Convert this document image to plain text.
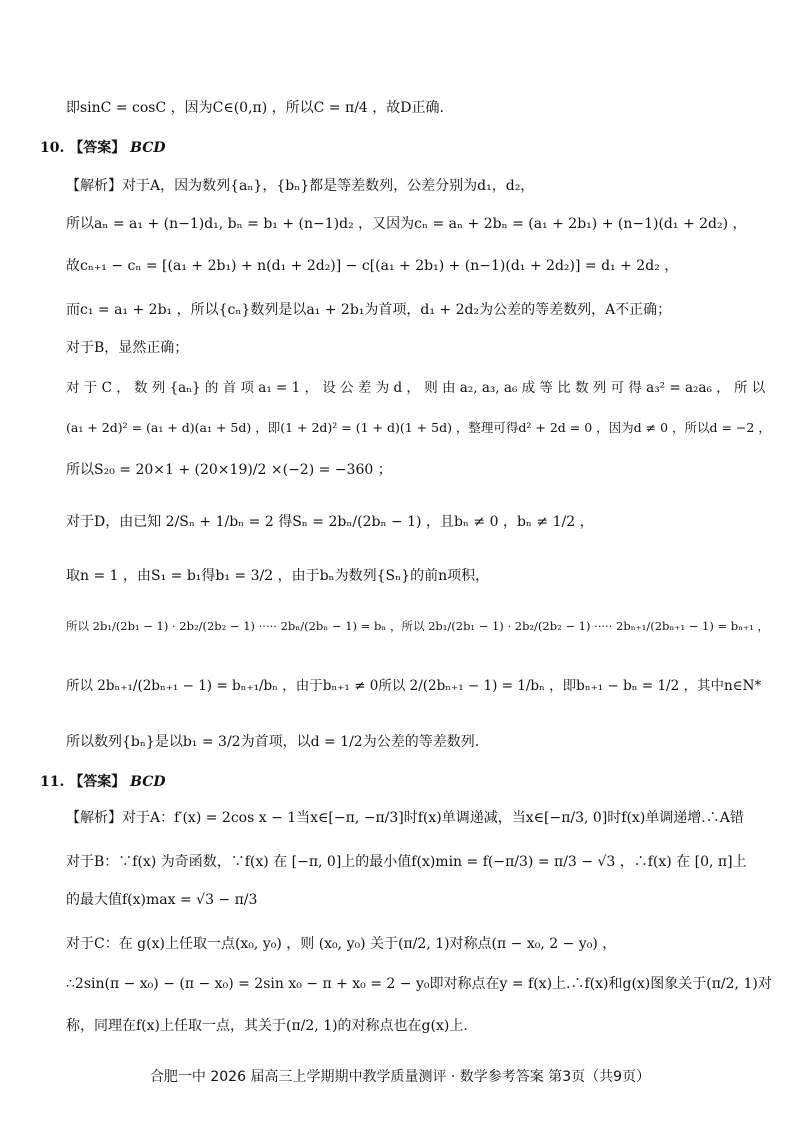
即sinC = cosC ，因为C∈(0,π) ，所以C = π/4 ，故D正确.
10. 【答案】 BCD
【解析】对于A，因为数列{aₙ}，{bₙ}都是等差数列，公差分别为d₁，d₂，
所以aₙ = a₁ + (n−1)d₁, bₙ = b₁ + (n−1)d₂ ，又因为cₙ = aₙ + 2bₙ = (a₁ + 2b₁) + (n−1)(d₁ + 2d₂) ，
故cₙ₊₁ − cₙ = [(a₁ + 2b₁) + n(d₁ + 2d₂)] − c[(a₁ + 2b₁) + (n−1)(d₁ + 2d₂)] = d₁ + 2d₂ ，
而c₁ = a₁ + 2b₁ ，所以{cₙ}数列是以a₁ + 2b₁为首项，d₁ + 2d₂为公差的等差数列，A不正确；
对于B，显然正确；
对 于 C ， 数 列 {aₙ} 的 首 项 a₁ = 1 ， 设 公 差 为 d ， 则 由 a₂, a₃, a₆ 成 等 比 数 列 可 得 a₃² = a₂a₆ ， 所 以
(a₁ + 2d)² = (a₁ + d)(a₁ + 5d) ，即(1 + 2d)² = (1 + d)(1 + 5d) ，整理可得d² + 2d = 0 ，因为d ≠ 0 ，所以d = −2 ，
所以S₂₀ = 20×1 + (20×19)/2 ×(−2) = −360 ；
对于D，由已知 2/Sₙ + 1/bₙ = 2 得Sₙ = 2bₙ/(2bₙ − 1) ，且bₙ ≠ 0 ，bₙ ≠ 1/2 ，
取n = 1 ，由S₁ = b₁得b₁ = 3/2 ，由于bₙ为数列{Sₙ}的前n项积，
所以 2b₁/(2b₁ − 1) · 2b₂/(2b₂ − 1) ····· 2bₙ/(2bₙ − 1) = bₙ ，所以 2b₁/(2b₁ − 1) · 2b₂/(2b₂ − 1) ····· 2bₙ₊₁/(2bₙ₊₁ − 1) = bₙ₊₁ ，
所以 2bₙ₊₁/(2bₙ₊₁ − 1) = bₙ₊₁/bₙ ，由于bₙ₊₁ ≠ 0所以 2/(2bₙ₊₁ − 1) = 1/bₙ ，即bₙ₊₁ − bₙ = 1/2 ，其中n∈N*
所以数列{bₙ}是以b₁ = 3/2为首项，以d = 1/2为公差的等差数列.
11. 【答案】 BCD
【解析】对于A：f′(x) = 2cos x − 1当x∈[−π, −π/3]时f(x)单调递减，当x∈[−π/3, 0]时f(x)单调递增.∴A错
对于B：∵f(x) 为奇函数，∵f(x) 在 [−π, 0]上的最小值f(x)min = f(−π/3) = π/3 − √3 ，∴f(x) 在 [0, π]上
的最大值f(x)max = √3 − π/3
对于C：在 g(x)上任取一点(x₀, y₀) ，则 (x₀, y₀) 关于(π/2, 1)对称点(π − x₀, 2 − y₀) ，
∴2sin(π − x₀) − (π − x₀) = 2sin x₀ − π + x₀ = 2 − y₀即对称点在y = f(x)上.∴f(x)和g(x)图象关于(π/2, 1)对
称，同理在f(x)上任取一点，其关于(π/2, 1)的对称点也在g(x)上.
合肥一中 2026 届高三上学期期中教学质量测评 · 数学参考答案 第3页（共9页）
